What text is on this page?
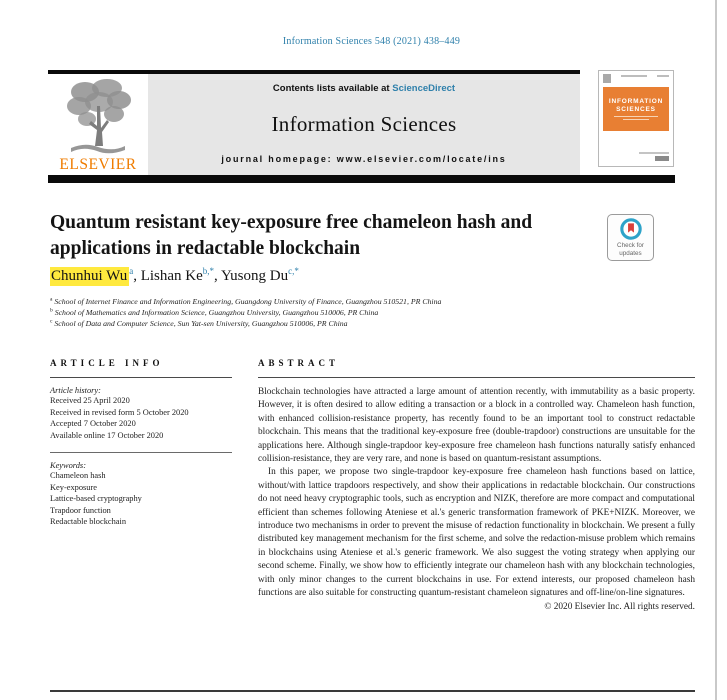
Information Sciences 548 (2021) 438–449
ELSEVIER
Contents lists available at ScienceDirect
Information Sciences
journal homepage: www.elsevier.com/locate/ins
INFORMATION
SCIENCES
Quantum resistant key-exposure free chameleon hash and applications in redactable blockchain	Check for updates
Chunhui Wu $^a$, Lishan $Ke^{b,*}$, Yusong $Du^{c,*}$
$^a$ School of Internet Finance and Information Engineering, Guangdong University of Finance, Guangzhou 510521, PR China
$^b$ School of Mathematics and Information Science, Guangzhou University, Guangzhou 510006, PR China
$^c$ School of Data and Computer Science, Sun Yat-sen University, Guangzhou 510006, PR China
ARTICLE INFO
Article history:
Received 25 April 2020
Received in revised form 5 October 2020
Accepted 7 October 2020
Available online 17 October 2020
Keywords:
Chameleon hash
Key-exposure
Lattice-based cryptography
Trapdoor function
Redactable blockchain
ABSTRACT

Blockchain technologies have attracted a large amount of attention recently, with immutability as a basic property. However, it is often desired to allow editing a transaction or a block in a controlled way. Chameleon hash function, with enhanced collision-resistance property, has recently found to be an important tool to construct redactable blockchain. This means that the traditional key-exposure free (double-trapdoor) constructions are unsuitable for the applications here. Although single-trapdoor key-exposure free chameleon hash functions naturally satisfy enhanced collision-resistance, they are very rare, and none is based on quantum-resistant assumptions.

In this paper, we propose two single-trapdoor key-exposure free chameleon hash functions based on lattice, without/with lattice trapdoors respectively, and show their applications in redactable blockchain. Our constructions do not need heavy cryptographic tools, such as encryption and NIZK, therefore are more compact and computational efficient than schemes following Ateniese et al.'s generic transformation framework of PKE+NIZK. Moreover, we introduce two mechanisms in order to prevent the misuse of redaction functionality in blockchain. We present a fully distributed key management mechanism for the first scheme, and solve the redaction-misuse problem which remains in blockchains using Ateniese et al.'s generic framework. We also suggest the voting strategy when applying our second scheme. Finally, we show how to efficiently integrate our chameleon hash with any blockchain technologies, with only minor changes to the current blockchains in use. For extend interests, our proposed chameleon hash functions are also suitable for constructing quantum-resistant chameleon signatures and off-line/on-line signatures.

© 2020 Elsevier Inc. All rights reserved.
